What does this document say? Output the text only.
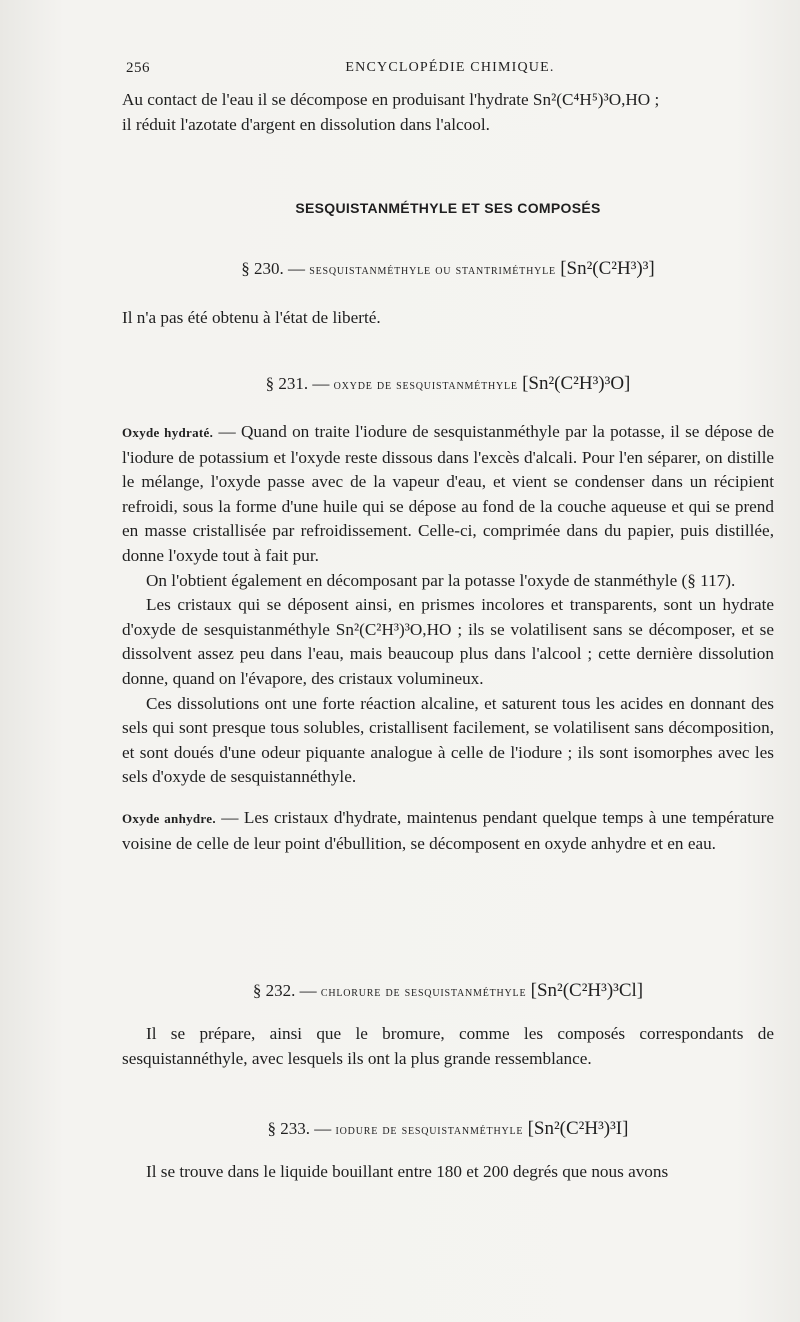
256	ENCYCLOPÉDIE CHIMIQUE.

Au contact de l'eau il se décompose en produisant l'hydrate Sn²(C⁴H⁵)³O,HO ;

il réduit l'azotate d'argent en dissolution dans l'alcool.

SESQUISTANMÉTHYLE ET SES COMPOSÉS
§ 230. — sesquistanméthyle ou stantriméthyle [Sn²(C²H³)³]

Il n'a pas été obtenu à l'état de liberté.

§ 231. — oxyde de sesquistanméthyle [Sn²(C²H³)³O]

Oxyde hydraté. — Quand on traite l'iodure de sesquistanméthyle par la potasse, il se dépose de l'iodure de potassium et l'oxyde reste dissous dans l'excès d'alcali. Pour l'en séparer, on distille le mélange, l'oxyde passe avec de la vapeur d'eau, et vient se condenser dans un récipient refroidi, sous la forme d'une huile qui se dépose au fond de la couche aqueuse et qui se prend en masse cristallisée par refroidissement. Celle-ci, comprimée dans du papier, puis distillée, donne l'oxyde tout à fait pur.

On l'obtient également en décomposant par la potasse l'oxyde de stanméthyle (§ 117).

Les cristaux qui se déposent ainsi, en prismes incolores et transparents, sont un hydrate d'oxyde de sesquistanméthyle Sn²(C²H³)³O,HO ; ils se volatilisent sans se décomposer, et se dissolvent assez peu dans l'eau, mais beaucoup plus dans l'alcool ; cette dernière dissolution donne, quand on l'évapore, des cristaux volumineux.

Ces dissolutions ont une forte réaction alcaline, et saturent tous les acides en donnant des sels qui sont presque tous solubles, cristallisent facilement, se volatilisent sans décomposition, et sont doués d'une odeur piquante analogue à celle de l'iodure ; ils sont isomorphes avec les sels d'oxyde de sesquistannéthyle.

Oxyde anhydre. — Les cristaux d'hydrate, maintenus pendant quelque temps à une température voisine de celle de leur point d'ébullition, se décomposent en oxyde anhydre et en eau.

§ 232. — chlorure de sesquistanméthyle [Sn²(C²H³)³Cl]

Il se prépare, ainsi que le bromure, comme les composés correspondants de sesquistannéthyle, avec lesquels ils ont la plus grande ressemblance.

§ 233. — iodure de sesquistanméthyle [Sn²(C²H³)³I]

Il se trouve dans le liquide bouillant entre 180 et 200 degrés que nous avons
